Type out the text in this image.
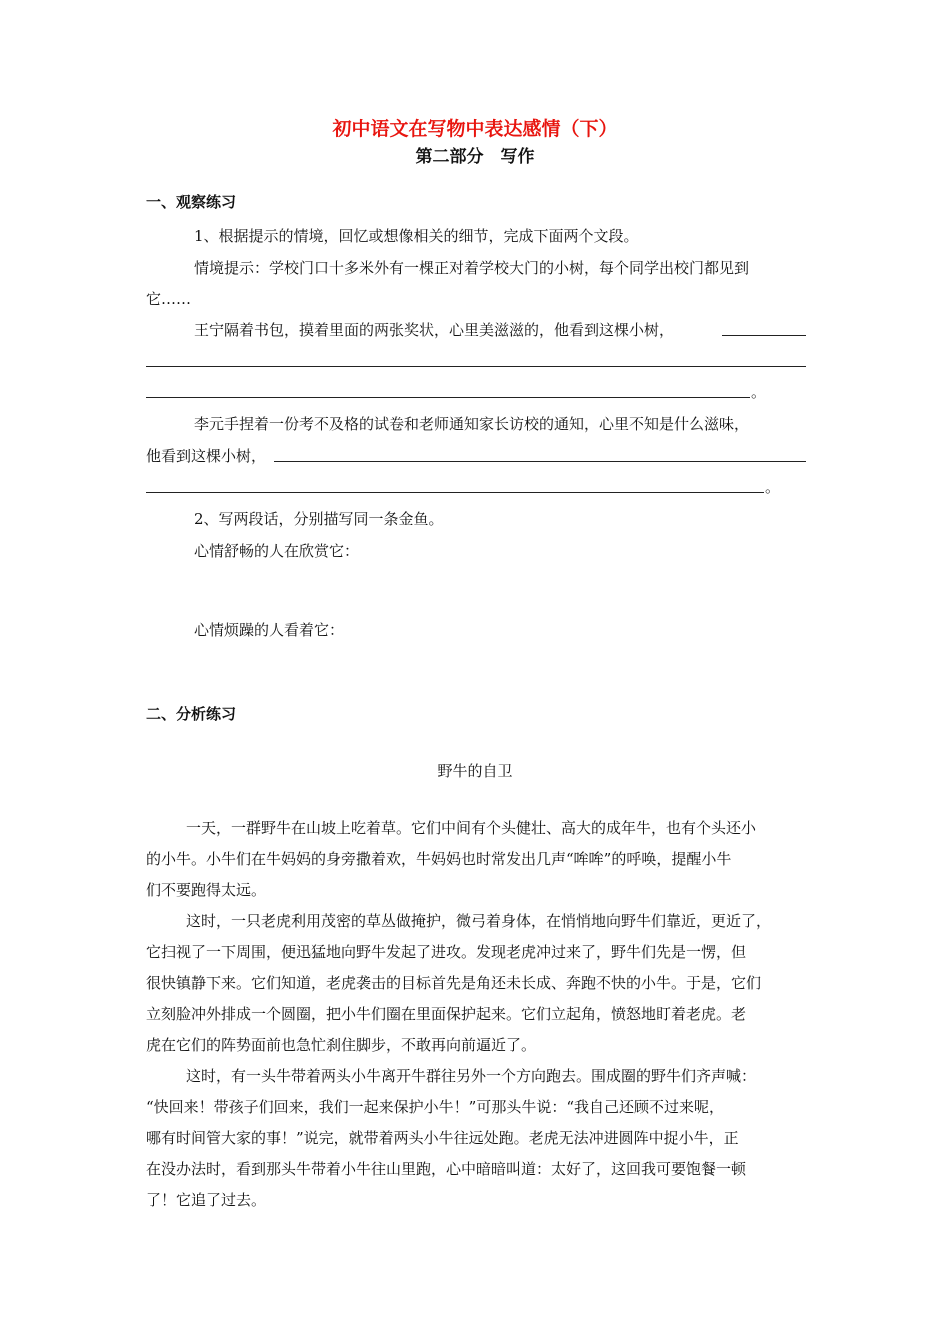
初中语文在写物中表达感情（下）
第二部分　写作
一、观察练习
1、根据提示的情境，回忆或想像相关的细节，完成下面两个文段。
情境提示：学校门口十多米外有一棵正对着学校大门的小树，每个同学出校门都见到
它……
王宁隔着书包，摸着里面的两张奖状，心里美滋滋的，他看到这棵小树，
。
李元手捏着一份考不及格的试卷和老师通知家长访校的通知，心里不知是什么滋味，
他看到这棵小树，
。
2、写两段话，分别描写同一条金鱼。
心情舒畅的人在欣赏它：
心情烦躁的人看着它：
二、分析练习
野牛的自卫
一天，一群野牛在山坡上吃着草。它们中间有个头健壮、高大的成年牛，也有个头还小
的小牛。小牛们在牛妈妈的身旁撒着欢，牛妈妈也时常发出几声“哞哞”的呼唤，提醒小牛
们不要跑得太远。
这时，一只老虎利用茂密的草丛做掩护，微弓着身体，在悄悄地向野牛们靠近，更近了，
它扫视了一下周围，便迅猛地向野牛发起了进攻。发现老虎冲过来了，野牛们先是一愣，但
很快镇静下来。它们知道，老虎袭击的目标首先是角还未长成、奔跑不快的小牛。于是，它们
立刻脸冲外排成一个圆圈，把小牛们圈在里面保护起来。它们立起角，愤怒地盯着老虎。老
虎在它们的阵势面前也急忙刹住脚步，不敢再向前逼近了。
这时，有一头牛带着两头小牛离开牛群往另外一个方向跑去。围成圈的野牛们齐声喊：
“快回来！带孩子们回来，我们一起来保护小牛！”可那头牛说：“我自己还顾不过来呢，
哪有时间管大家的事！”说完，就带着两头小牛往远处跑。老虎无法冲进圆阵中捉小牛，正
在没办法时，看到那头牛带着小牛往山里跑，心中暗暗叫道：太好了，这回我可要饱餐一顿
了！它追了过去。
